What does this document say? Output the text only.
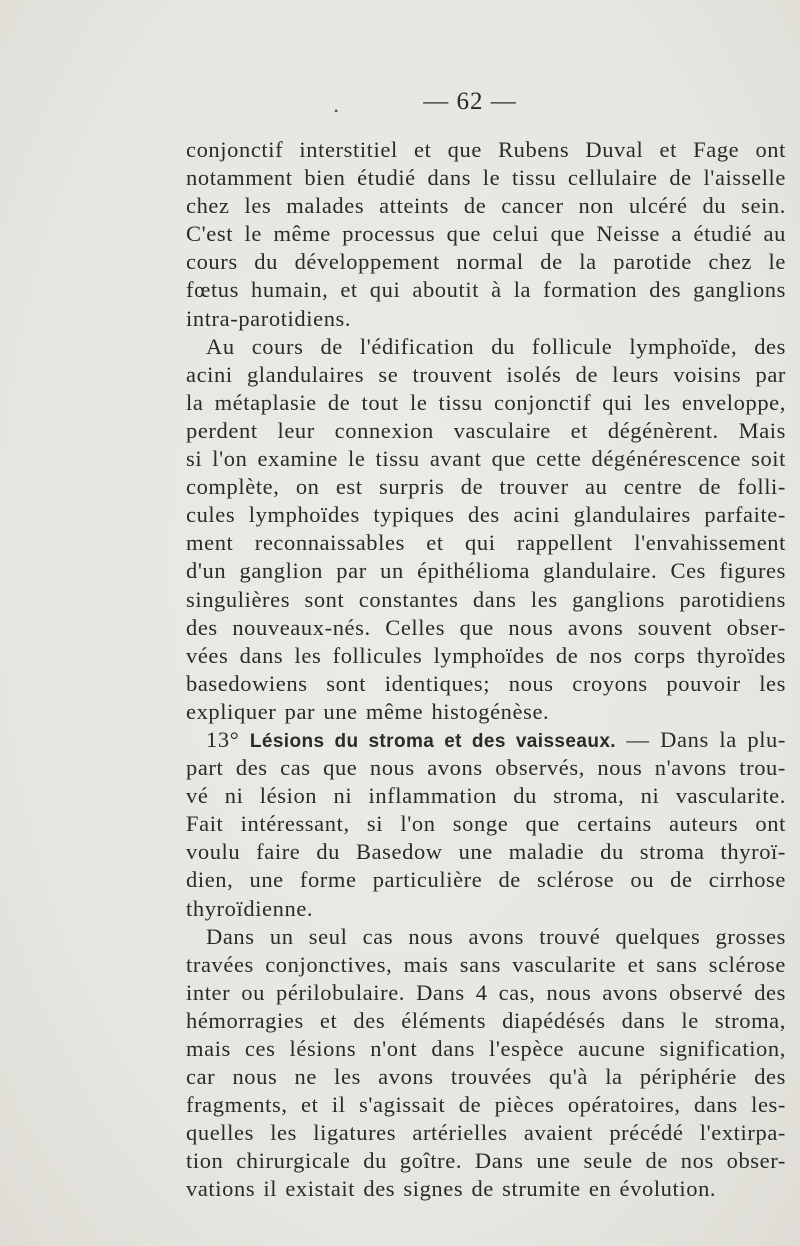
— 62 —
•
conjonctif interstitiel et que Rubens Duval et Fage ont
notamment bien étudié dans le tissu cellulaire de l'aisselle
chez les malades atteints de cancer non ulcéré du sein.
C'est le même processus que celui que Neisse a étudié au
cours du développement normal de la parotide chez le
fœtus humain, et qui aboutit à la formation des ganglions
intra-parotidiens.
Au cours de l'édification du follicule lymphoïde, des
acini glandulaires se trouvent isolés de leurs voisins par
la métaplasie de tout le tissu conjonctif qui les enveloppe,
perdent leur connexion vasculaire et dégénèrent. Mais
si l'on examine le tissu avant que cette dégénérescence soit
complète, on est surpris de trouver au centre de folli-
cules lymphoïdes typiques des acini glandulaires parfaite-
ment reconnaissables et qui rappellent l'envahissement
d'un ganglion par un épithélioma glandulaire. Ces figures
singulières sont constantes dans les ganglions parotidiens
des nouveaux-nés. Celles que nous avons souvent obser-
vées dans les follicules lymphoïdes de nos corps thyroïdes
basedowiens sont identiques; nous croyons pouvoir les
expliquer par une même histogénèse.
13° Lésions du stroma et des vaisseaux. — Dans la plu-
part des cas que nous avons observés, nous n'avons trou-
vé ni lésion ni inflammation du stroma, ni vascularite.
Fait intéressant, si l'on songe que certains auteurs ont
voulu faire du Basedow une maladie du stroma thyroï-
dien, une forme particulière de sclérose ou de cirrhose
thyroïdienne.
Dans un seul cas nous avons trouvé quelques grosses
travées conjonctives, mais sans vascularite et sans sclérose
inter ou périlobulaire. Dans 4 cas, nous avons observé des
hémorragies et des éléments diapédésés dans le stroma,
mais ces lésions n'ont dans l'espèce aucune signification,
car nous ne les avons trouvées qu'à la périphérie des
fragments, et il s'agissait de pièces opératoires, dans les-
quelles les ligatures artérielles avaient précédé l'extirpa-
tion chirurgicale du goître. Dans une seule de nos obser-
vations il existait des signes de strumite en évolution.
